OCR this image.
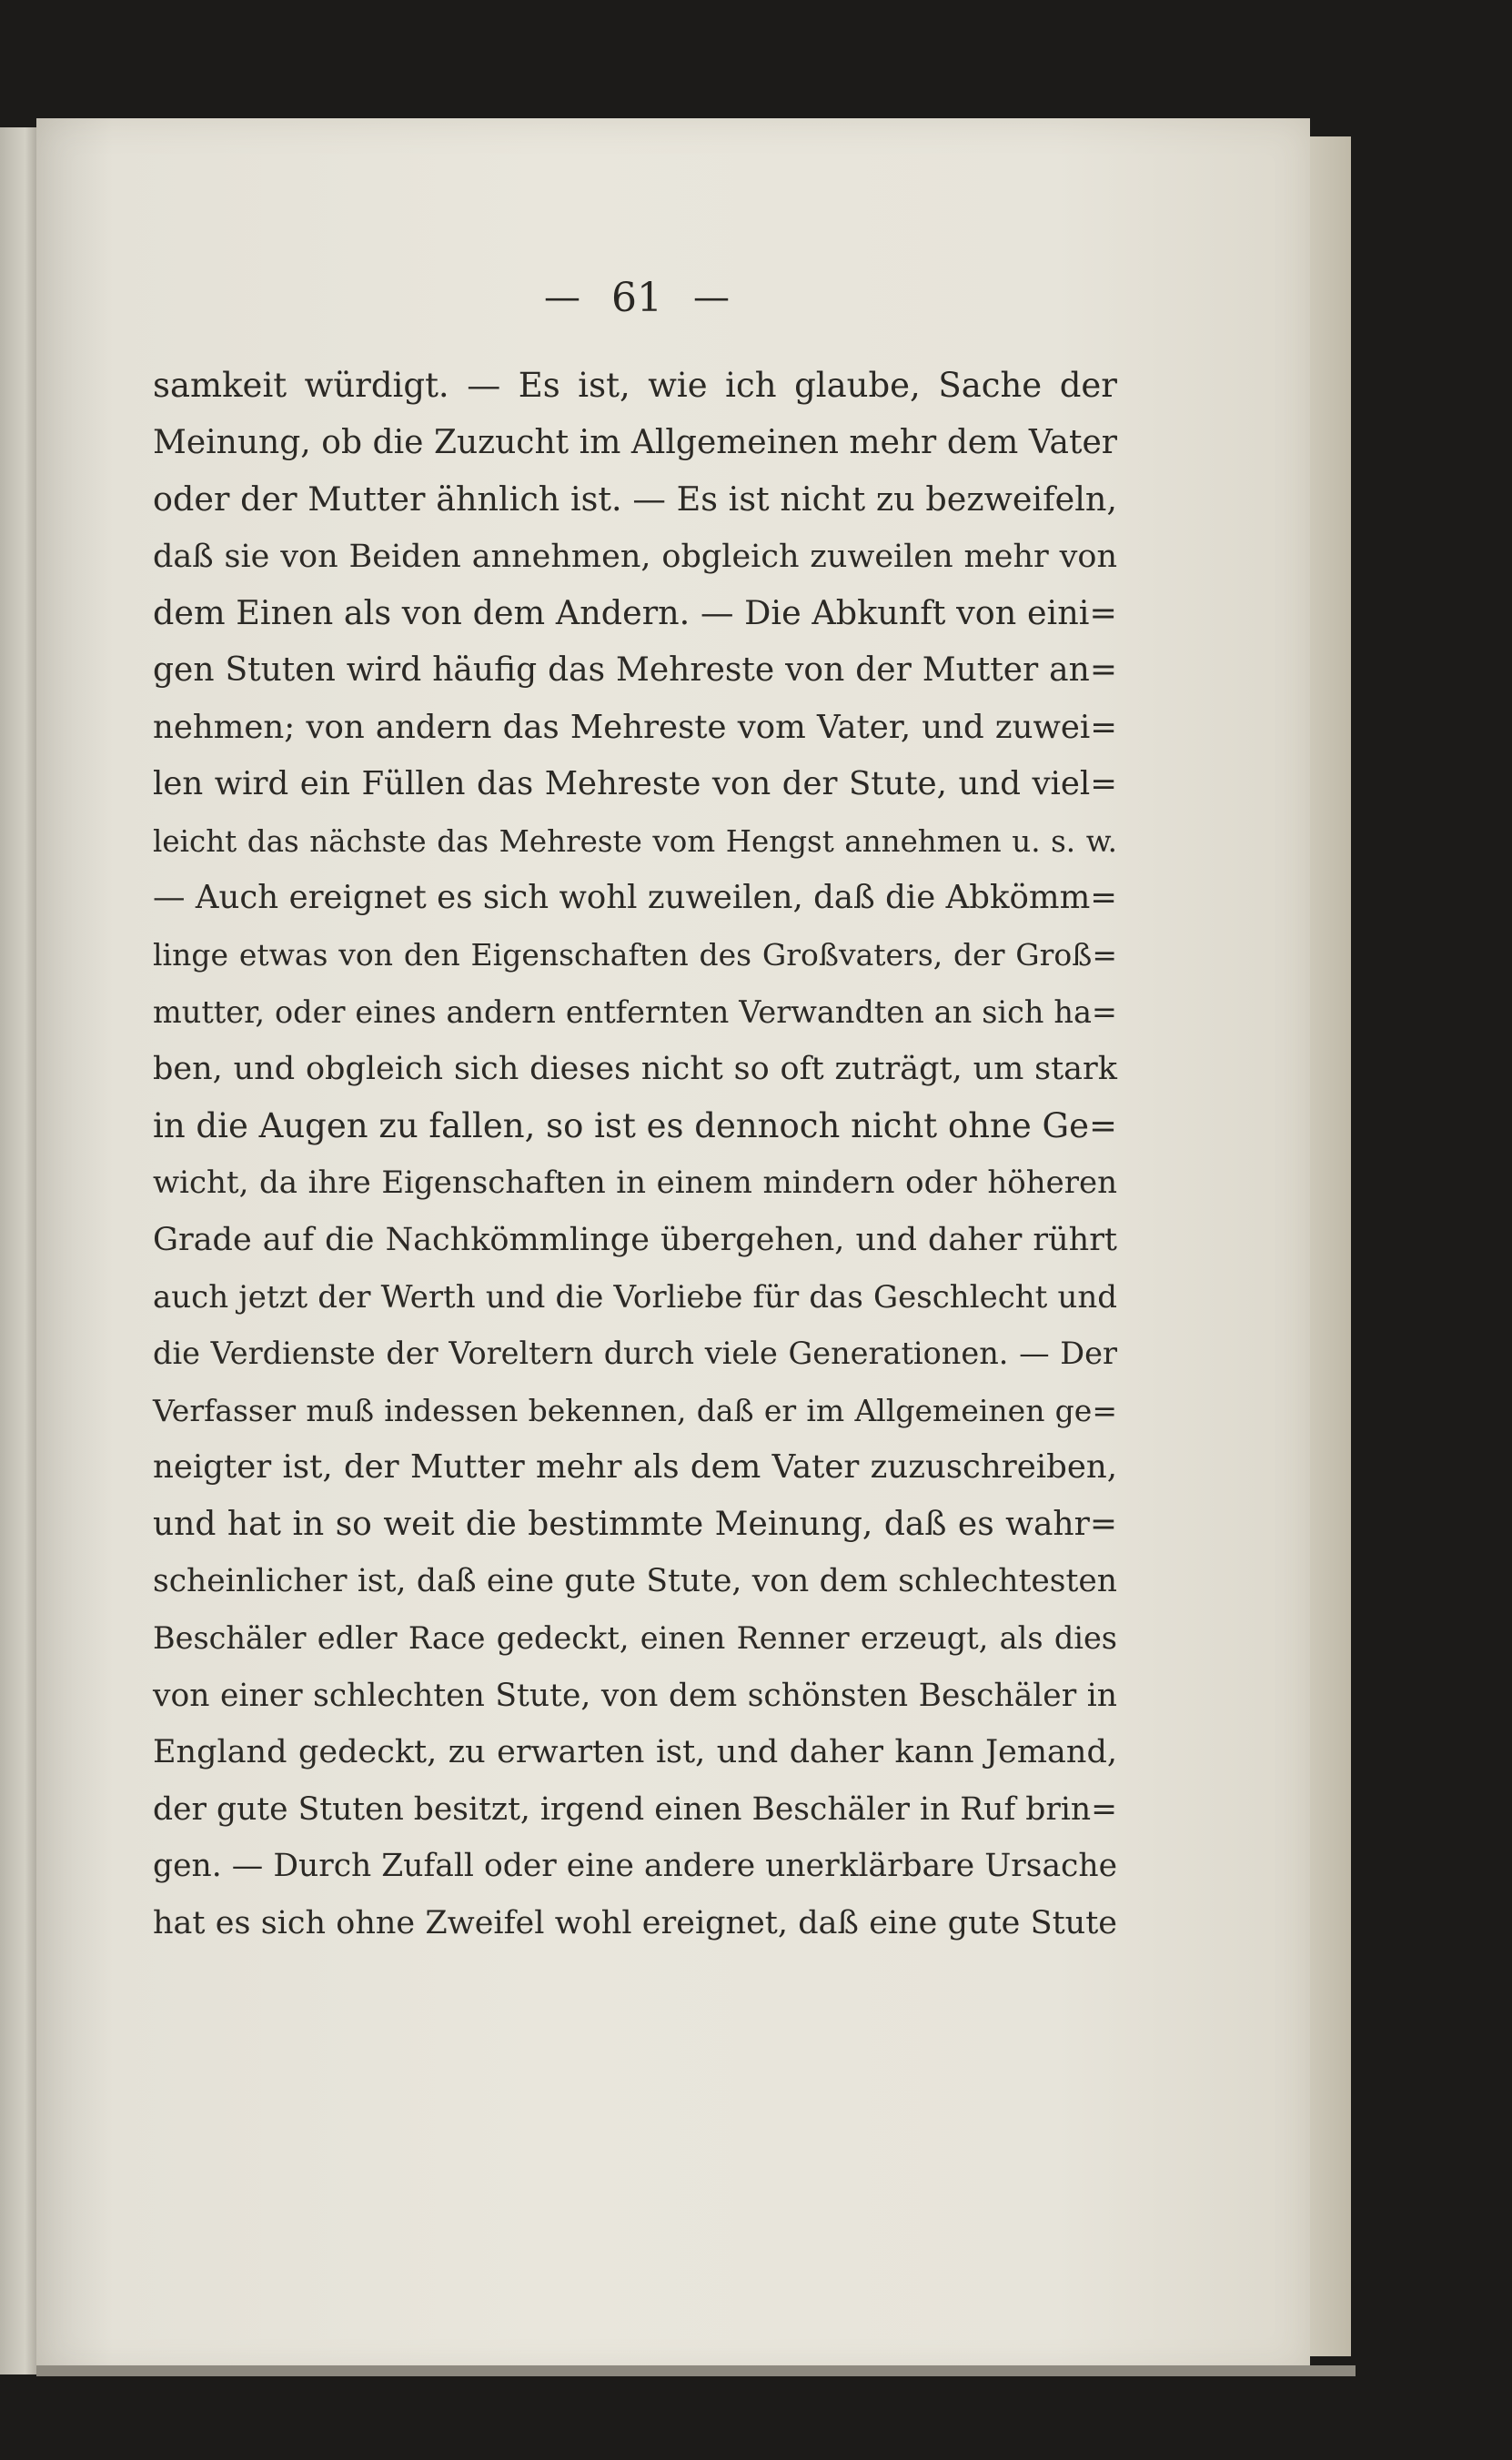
— 61 —
samkeit würdigt. — Es ist, wie ich glaube, Sache der
Meinung, ob die Zuzucht im Allgemeinen mehr dem Vater
oder der Mutter ähnlich ist. — Es ist nicht zu bezweifeln,
daß sie von Beiden annehmen, obgleich zuweilen mehr von
dem Einen als von dem Andern. — Die Abkunft von eini=
gen Stuten wird häufig das Mehreste von der Mutter an=
nehmen; von andern das Mehreste vom Vater, und zuwei=
len wird ein Füllen das Mehreste von der Stute, und viel=
leicht das nächste das Mehreste vom Hengst annehmen u. s. w.
— Auch ereignet es sich wohl zuweilen, daß die Abkömm=
linge etwas von den Eigenschaften des Großvaters, der Groß=
mutter, oder eines andern entfernten Verwandten an sich ha=
ben, und obgleich sich dieses nicht so oft zuträgt, um stark
in die Augen zu fallen, so ist es dennoch nicht ohne Ge=
wicht, da ihre Eigenschaften in einem mindern oder höheren
Grade auf die Nachkömmlinge übergehen, und daher rührt
auch jetzt der Werth und die Vorliebe für das Geschlecht und
die Verdienste der Voreltern durch viele Generationen. — Der
Verfasser muß indessen bekennen, daß er im Allgemeinen ge=
neigter ist, der Mutter mehr als dem Vater zuzuschreiben,
und hat in so weit die bestimmte Meinung, daß es wahr=
scheinlicher ist, daß eine gute Stute, von dem schlechtesten
Beschäler edler Race gedeckt, einen Renner erzeugt, als dies
von einer schlechten Stute, von dem schönsten Beschäler in
England gedeckt, zu erwarten ist, und daher kann Jemand,
der gute Stuten besitzt, irgend einen Beschäler in Ruf brin=
gen. — Durch Zufall oder eine andere unerklärbare Ursache
hat es sich ohne Zweifel wohl ereignet, daß eine gute Stute
